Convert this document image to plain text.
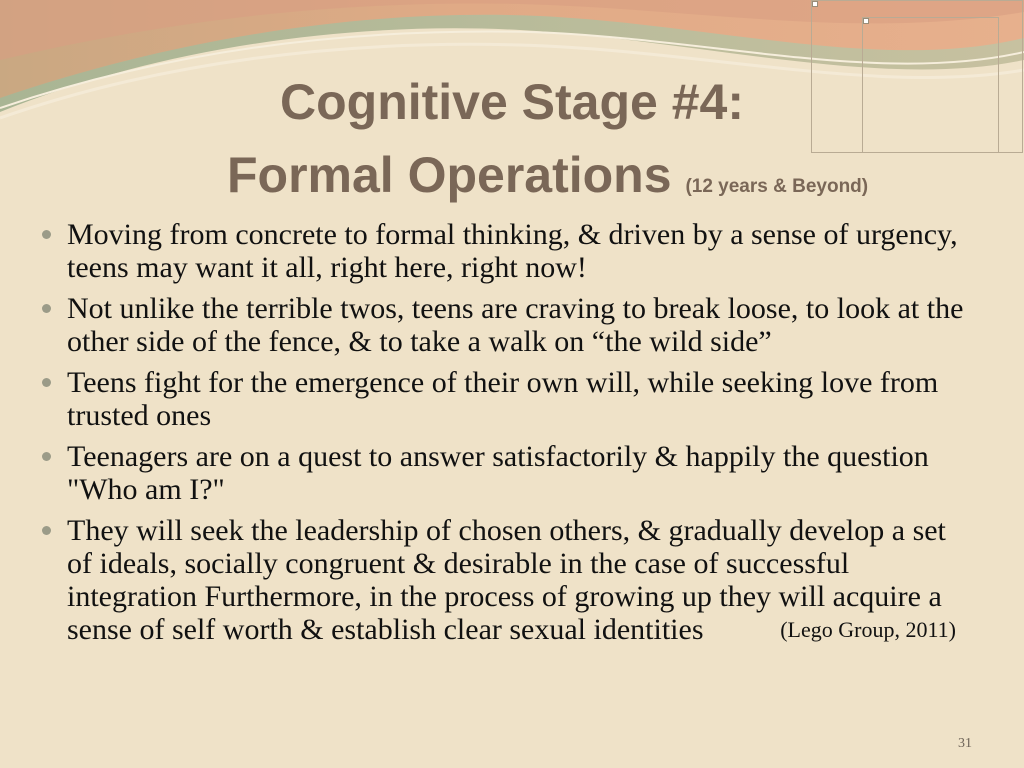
Cognitive Stage #4:
Formal Operations (12 years & Beyond)
Moving from concrete to formal thinking, & driven by a sense of urgency, teens may want it all, right here, right now!
Not unlike the terrible twos, teens are craving to break loose, to look at the other side of the fence, & to take a walk on “the wild side”
Teens fight for the emergence of their own will, while seeking love from trusted ones
Teenagers are on a quest to answer satisfactorily & happily the question "Who am I?"
They will seek the leadership of chosen others, & gradually develop a set of ideals, socially congruent & desirable in the case of successful integration Furthermore, in the process of growing up they will acquire a sense of self worth & establish clear sexual identities	(Lego Group, 2011)
31
